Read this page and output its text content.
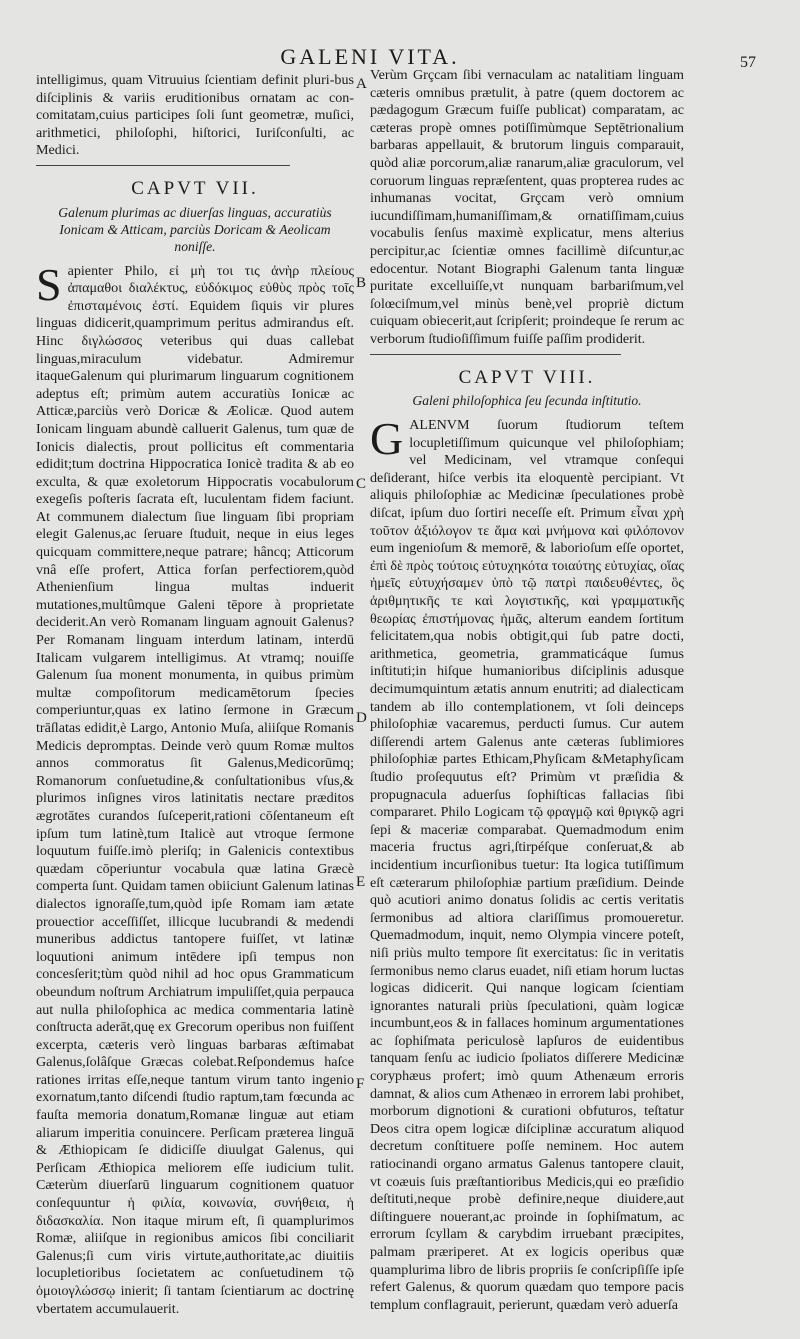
GALENI VITA.	57

intelligimus, quam Vitruuius ſcientiam definit pluri-bus diſciplinis & variis eruditionibus ornatam ac con-comitatam,cuius participes ſoli ſunt geometræ, muſici, arithmetici, philoſophi, hiſtorici, Iuriſconſulti, ac Medici.

CAPVT VII.
Galenum plurimas ac diuerſas linguas, accuratiùs Ionicam & Atticam, parciùs Doricam & Aeolicam noniſſe.

Sapienter Philo, εἰ μὴ τοι τις ἀνὴρ πλείους ἀπαμαθοι διαλέκτυς, εὐδόκιμος εὐθὺς πρὸς τοῖς ἐπισταμένοις ἐστί. Equidem ſiquis vir plures linguas didicerit,quamprimum peritus admirandus eſt. Hinc διγλώσσος veteribus qui duas callebat linguas,miraculum videbatur. Admiremur itaqueGalenum qui plurimarum linguarum cognitionem adeptus eſt; primùm autem accuratiùs Ionicæ ac Atticæ,parciùs verò Doricæ & Æolicæ. Quod autem Ionicam linguam abundè calluerit Galenus, tum quæ de Ionicis dialectis, prout pollicitus eſt commentaria edidit;tum doctrina Hippocratica Ionicè tradita & ab eo exculta, & quæ exoletorum Hippocratis vocabulorum exegeſis poſteris ſacrata eſt, luculentam fidem faciunt. At communem dialectum ſiue linguam ſibi propriam elegit Galenus,ac ſeruare ſtuduit, neque in eius leges quicquam committere,neque patrare; hâncq; Atticorum vnâ eſſe profert, Attica forſan perfectiorem,quòd Athenienſium lingua multas induerit mutationes,multûmque Galeni tēpore à proprietate deciderit.An verò Romanam linguam agnouit Galenus? Per Romanam linguam interdum latinam, interdū Italicam vulgarem intelligimus. At vtramq; nouiſſe Galenum ſua monent monumenta, in quibus primùm multæ compoſitorum medicamētorum ſpecies comperiuntur,quas ex latino ſermone in Græcum trāſlatas edidit,è Largo, Antonio Muſa, aliiſque Romanis Medicis depromptas. Deinde verò quum Romæ multos annos commoratus ſit Galenus,Medicorūmq; Romanorum conſuetudine,& conſultationibus vſus,& plurimos inſignes viros latinitatis nectare præditos ægrotātes curandos ſuſceperit,rationi cōſentaneum eſt ipſum tum latinè,tum Italicè aut vtroque ſermone loquutum fuiſſe.imò pleriſq; in Galenicis contextibus quædam cōperiuntur vocabula quæ latina Græcè comperta ſunt. Quidam tamen obiiciunt Galenum latinas dialectos ignoraſſe,tum,quòd ipſe Romam iam ætate prouectior acceſſiſſet, illicque lucubrandi & medendi muneribus addictus tantopere fuiſſet, vt latinæ loquutioni animum intēdere ipſi tempus non concesſerit;tùm quòd nihil ad hoc opus Grammaticum obeundum noſtrum Archiatrum impuliſſet,quia perpauca aut nulla philoſophica ac medica commentaria latinè conſtructa aderāt,quę ex Grecorum operibus non fuiſſent excerpta, cæteris verò linguas barbaras æſtimabat Galenus,ſolâſque Græcas colebat.Reſpondemus haſce rationes irritas eſſe,neque tantum virum tanto ingenio exornatum,tanto diſcendi ſtudio raptum,tam fœcunda ac fauſta memoria donatum,Romanæ linguæ aut etiam aliarum imperitia conuincere. Perſicam præterea linguā & Æthiopicam ſe didiciſſe diuulgat Galenus, qui Perſicam Æthiopica meliorem eſſe iudicium tulit. Cæterùm diuerſarū linguarum cognitionem quatuor conſequuntur ἡ φιλία, κοινωνία, συνήθεια, ἡ διδασκαλία. Non itaque mirum eſt, ſi quamplurimos Romæ, aliiſque in regionibus amicos ſibi conciliarit Galenus;ſi cum viris virtute,authoritate,ac diuitiis locupletioribus ſocietatem ac conſuetudinem τῷ ὁμοιογλώσσῳ inierit; ſi tantam ſcientiarum ac doctrinę vbertatem accumulauerit.

A
B
C
D
E
F

Verùm Grçcam ſibi vernaculam ac natalitiam linguam cæteris omnibus prætulit, à patre (quem doctorem ac pædagogum Græcum fuiſſe publicat) comparatam, ac cæteras propè omnes potiſſimùmque Septētrionalium barbaras appellauit, & brutorum linguis comparauit, quòd aliæ porcorum,aliæ ranarum,aliæ graculorum, vel coruorum linguas repræſentent, quas propterea rudes ac inhumanas vocitat, Grçcam verò omnium iucundiſſimam,humaniſſimam,& ornatiſſimam,cuius vocabulis ſenſus maximè explicatur, mens alterius percipitur,ac ſcientiæ omnes facillimè diſcuntur,ac edocentur. Notant Biographi Galenum tanta linguæ puritate excelluiſſe,vt nunquam barbariſmum,vel ſolœciſmum,vel minùs benè,vel propriè dictum cuiquam obiecerit,aut ſcripſerit; proindeque ſe rerum ac verborum ſtudioſiſſimum fuiſſe paſſim prodiderit.

CAPVT VIII.
Galeni philoſophica ſeu ſecunda inſtitutio.

GALENVM ſuorum ſtudiorum teſtem locupletiſſimum quicunque vel philoſophiam; vel Medicinam, vel vtramque conſequi deſiderant, hiſce verbis ita eloquentè percipiant. Vt aliquis philoſophiæ ac Medicinæ ſpeculationes probè diſcat, ipſum duo ſortiri neceſſe eſt. Primum εἶναι χρὴ τοῦτον ἀξιόλογον τε ἅμα καὶ μνήμονα καὶ φιλόπονον eum ingenioſum & memorē, & laborioſum eſſe oportet, ἐπὶ δὲ πρὸς τούτοις εὐτυχηκότα τοιαύτης εὐτυχίας, οἵας ἡμεῖς εὐτυχήσαμεν ὑπὸ τῷ πατρὶ παιδευθέντες, ὃς ἀριθμητικῆς τε καὶ λογιστικῆς, καὶ γραμματικῆς θεωρίας ἐπιστήμονας ἡμᾶς, alterum eandem ſortitum felicitatem,qua nobis obtigit,qui ſub patre docti, arithmetica, geometria, grammaticáque ſumus inſtituti;in hiſque humanioribus diſciplinis adusque decimumquintum ætatis annum enutriti; ad dialecticam tandem ab illo contemplationem, vt ſoli deinceps philoſophiæ vacaremus, perducti ſumus. Cur autem diſſerendi artem Galenus ante cæteras ſublimiores philoſophiæ partes Ethicam,Phyſicam &Metaphyſicam ſtudio proſequutus eſt? Primùm vt præſidia & propugnacula aduerſus ſophiſticas fallacias ſibi compararet. Philo Logicam τῷ φραγμῷ καὶ θριγκῷ agri ſepi & maceriæ comparabat. Quemadmodum enim maceria fructus agri,ſtirpéſque conſeruat,& ab incidentium incurſionibus tuetur: Ita logica tutiſſimum eſt cæterarum philoſophiæ partium præſidium. Deinde quò acutiori animo donatus ſolidis ac certis veritatis ſermonibus ad altiora clariſſimus promoueretur. Quemadmodum, inquit, nemo Olympia vincere poteſt, niſi priùs multo tempore ſit exercitatus: ſic in veritatis ſermonibus nemo clarus euadet, niſi etiam horum luctas logicas didicerit. Qui nanque logicam ſcientiam ignorantes naturali priùs ſpeculationi, quàm logicæ incumbunt,eos & in fallaces hominum argumentationes ac ſophiſmata periculosè lapſuros de euidentibus tanquam ſenſu ac iudicio ſpoliatos diſſerere Medicinæ coryphæus profert; imò quum Athenæum erroris damnat, & alios cum Athenæo in errorem labi prohibet, morborum dignotioni & curationi obfuturos, teſtatur Deos citra opem logicæ diſciplinæ accuratum aliquod decretum conſtituere poſſe neminem. Hoc autem ratiocinandi organo armatus Galenus tantopere clauit, vt coæuis ſuis præſtantioribus Medicis,qui eo præſidio deſtituti,neque probè definire,neque diuidere,aut diſtinguere nouerant,ac proinde in ſophiſmatum, ac errorum ſcyllam & carybdim irruebant præcipites, palmam præriperet. At ex logicis operibus quæ quamplurima libro de libris propriis ſe conſcripſiſſe ipſe refert Galenus, & quorum quædam quo tempore pacis templum conflagrauit, perierunt, quædam verò aduerſa
